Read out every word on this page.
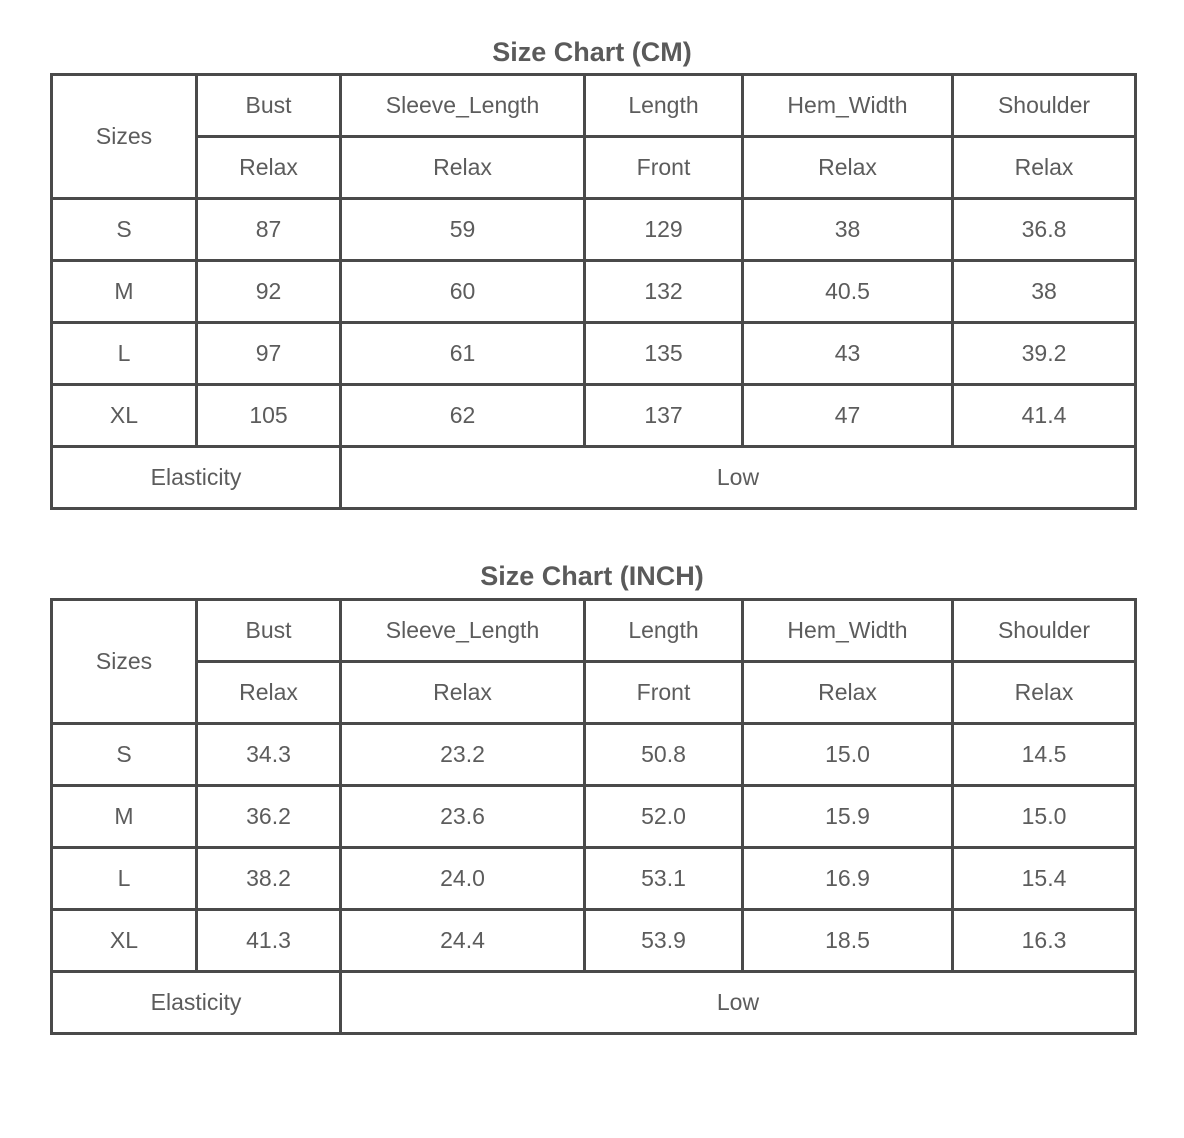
Size Chart (CM)
Sizes	Bust	Sleeve_Length	Length	Hem_Width	Shoulder
	Relax	Relax	Front	Relax	Relax
S	87	59	129	38	36.8
M	92	60	132	40.5	38
L	97	61	135	43	39.2
XL	105	62	137	47	41.4
Elasticity		Low			
Size Chart (INCH)
Sizes	Bust	Sleeve_Length	Length	Hem_Width	Shoulder
	Relax	Relax	Front	Relax	Relax
S	34.3	23.2	50.8	15.0	14.5
M	36.2	23.6	52.0	15.9	15.0
L	38.2	24.0	53.1	16.9	15.4
XL	41.3	24.4	53.9	18.5	16.3
Elasticity		Low			
